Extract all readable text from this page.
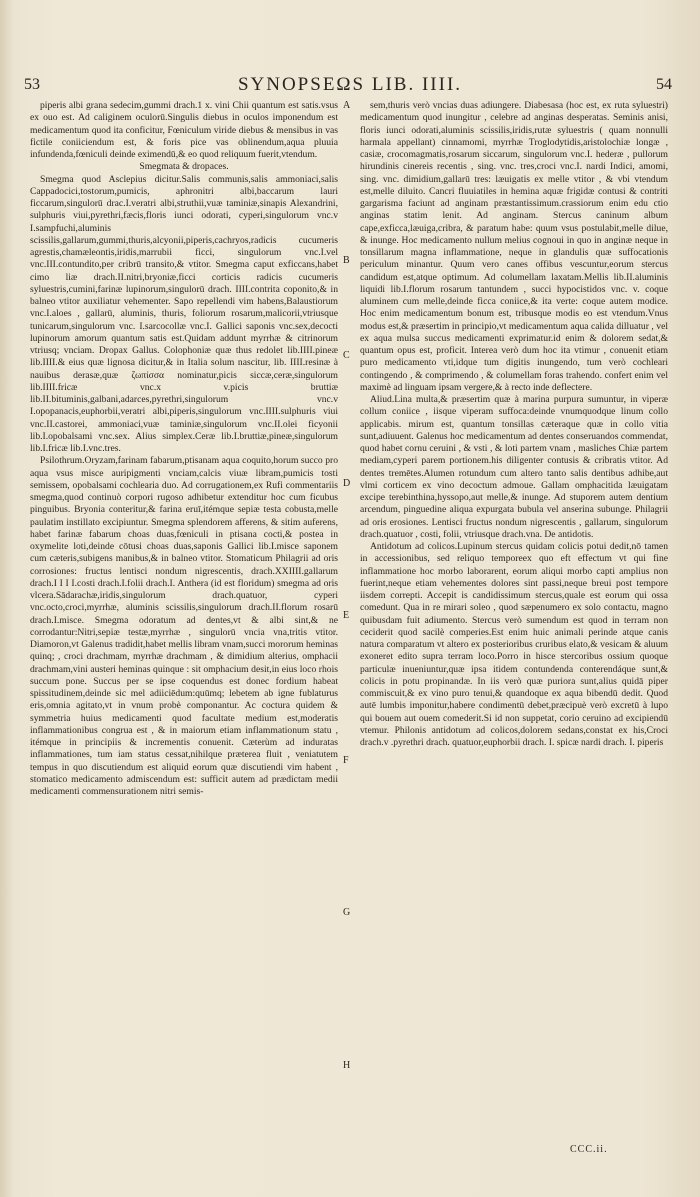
53	SYNOPSEΩS LIB. IIII.	54

piperis albi grana sedecim,gummi drach.1 x. vini Chii quantum est satis.vsus ex ouo est. Ad caliginem oculorū.Singulis diebus in oculos imponendum est medicamentum quod ita conficitur, Fœniculum viride diebus & mensibus in vas fictile coniiciendum est, & foris pice vas oblinendum,aqua pluuia infundenda,fœniculi deinde eximendū,& eo quod reliquum fuerit,vtendum.

Smegmata & dropaces.

Smegma quod Asclepius dicitur.Salis communis,salis ammoniaci,salis Cappadocici,tostorum,pumicis, aphronitri albi,baccarum lauri ficcarum,singulorū drac.I.veratri albi,struthii,vuæ taminiæ,sinapis Alexandrini, sulphuris viui,pyrethri,fæcis,floris iunci odorati, cyperi,singulorum vnc.v I.sampfuchi,aluminis scissilis,gallarum,gummi,thuris,alcyonii,piperis,cachryos,radicis cucumeris agrestis,chamæleontis,iridis,marrubii ficci, singulorum vnc.I.vel vnc.III.contundito,per cribrū transito,& vtitor. Smegma caput exficcans,habet cimo liæ drach.II.nitri,bryoniæ,ficci corticis radicis cucumeris syluestris,cumini,farinæ lupinorum,singulorū drach. IIII.contrita coponito,& in balneo vtitor auxiliatur vehementer. Sapo repellendi vim habens,Balaustiorum vnc.I.aloes , gallarū, aluminis, thuris, foliorum rosarum,malicorii,vtriusque tunicarum,singulorum vnc. I.sarcocollæ vnc.I. Gallici saponis vnc.sex,decocti lupinorum amorum quantum satis est.Quidam addunt myrrhæ & citrinorum vtriusq; vnciam. Dropax Gallus. Colophoniæ quæ thus redolet lib.IIII.pineæ lib.IIII.& eius quæ lignosa dicitur,& in Italia solum nascitur, lib. IIII.resinæ à nauibus derasæ,quæ ζωπίσσα nominatur,picis siccæ,ceræ,singulorum lib.IIII.fricæ vnc.x v.picis bruttiæ lib.II.bituminis,galbani,adarces,pyrethri,singulorum vnc.v I.opopanacis,euphorbii,veratri albi,piperis,singulorum vnc.IIII.sulphuris viui vnc.II.castorei, ammoniaci,vuæ taminiæ,singulorum vnc.II.olei ficyonii lib.I.opobalsami vnc.sex. Alius simplex.Ceræ lib.I.bruttiæ,pineæ,singulorum lib.I.fricæ lib.I.vnc.tres.

Psilothrum.Oryzam,farinam fabarum,ptisanam aqua coquito,horum succo pro aqua vsus misce auripigmenti vnciam,calcis viuæ libram,pumicis tosti semissem, opobalsami cochlearia duo. Ad corrugationem,ex Rufi commentariis smegma,quod continuò corpori rugoso adhibetur extenditur hoc cum ficubus pinguibus. Bryonia conteritur,& farina eruī,itémque sepiæ testa cobusta,melle paulatim instillato excipiuntur. Smegma splendorem afferens, & sitim auferens, habet farinæ fabarum choas duas,fœniculi in ptisana cocti,& postea in oxymelite loti,deinde cōtusi choas duas,saponis Gallici lib.I.misce saponem cum cæteris,subigens manibus,& in balneo vtitor. Stomaticum Philagrii ad oris corrosiones: fructus lentisci nondum nigrescentis, drach.XXIIII.gallarum drach.I I I I.costi drach.I.folii drach.I. Anthera (id est floridum) smegma ad oris vlcera.Sādarachæ,iridis,singulorum drach.quatuor, cyperi vnc.octo,croci,myrrhæ, aluminis scissilis,singulorum drach.II.florum rosarū drach.I.misce. Smegma odoratum ad dentes,vt & albi sint,& ne corrodantur:Nitri,sepiæ testæ,myrrhæ , singulorū vncia vna,tritis vtitor. Diamoron,vt Galenus tradidit,habet mellis libram vnam,succi mororum heminas quinq; , croci drachmam, myrrhæ drachmam , & dimidium alterius, omphacii drachmam,vini austeri heminas quinque : sit omphacium desit,in eius loco rhois succum pone. Succus per se ipse coquendus est donec fordium habeat spissitudinem,deinde sic mel adiiciēdum:quūmq; lebetem ab igne fublaturus eris,omnia agitato,vt in vnum probè componantur. Ac coctura quidem & symmetria huius medicamenti quod facultate medium est,moderatis inflammationibus congrua est , & in maiorum etiam inflammationum statu , itémque in principiis & incrementis conuenit. Cæterùm ad induratas inflammationes, tum iam status cessat,nihilque præterea fluit , veniatutem tempus in quo discutiendum est aliquid eorum quæ discutiendi vim habent , stomatico medicamento admiscendum est: sufficit autem ad prædictam medii medicamenti commensurationem nitri semis-

A
B
C
D
E
F
G
H

sem,thuris verò vncias duas adiungere. Diabesasa (hoc est, ex ruta syluestri) medicamentum quod inungitur , celebre ad anginas desperatas. Seminis anisi, floris iunci odorati,aluminis scissilis,iridis,rutæ syluestris ( quam nonnulli harmala appellant) cinnamomi, myrrhæ Troglodytidis,aristolochiæ longæ , casiæ, crocomagmatis,rosarum siccarum, singulorum vnc.I. hederæ , pullorum hirundinis cinereis recentis , sing. vnc. tres,croci vnc.I. nardi Indici, amomi, sing. vnc. dimidium,gallarū tres: læuigatis ex melle vtitor , & vbi vtendum est,melle diluito. Cancri fluuiatiles in hemina aquæ frigidæ contusi & contriti gargarisma faciunt ad anginam præstantissimum.crassiorum enim edu ctio anginas statim lenit. Ad anginam. Stercus caninum album cape,exficca,læuiga,cribra, & paratum habe: quum vsus postulabit,melle dilue, & inunge. Hoc medicamento nullum melius cognoui in quo in anginæ neque in tonsillarum magna inflammatione, neque in glandulis quæ suffocationis periculum minantur. Quum vero canes offibus vescuntur,eorum stercus candidum est,atque optimum. Ad columellam laxatam.Mellis lib.II.aluminis liquidi lib.I.florum rosarum tantundem , succi hypocistidos vnc. v. coque aluminem cum melle,deinde ficca coniice,& ita verte: coque autem modice. Hoc enim medicamentum bonum est, tribusque modis eo est vtendum.Vnus modus est,& præsertim in principio,vt medicamentum aqua calida dilluatur , vel ex aqua mulsa succus medicamenti exprimatur.id enim & dolorem sedat,& quantum opus est, proficit. Interea verò dum hoc ita vtimur , conuenit etiam puro medicamento vti,idque tum digitis inungendo, tum verò cochleari contingendo , & comprimendo , & columellam foras trahendo. confert enim vel maximè ad linguam ipsam vergere,& à recto inde deflectere.

Aliud.Lina multa,& præsertim quæ à marina purpura sumuntur, in viperæ collum coniice , iisque viperam suffoca:deinde vnumquodque linum collo applicabis. mirum est, quantum tonsillas cæteraque quæ in collo vitia sunt,adiuuent. Galenus hoc medicamentum ad dentes conseruandos commendat, quod habet cornu ceruini , & vsti , & loti partem vnam , masliches Chiæ partem mediam,cyperi parem portionem.his diligenter contusis & cribratis vtitor. Ad dentes tremētes.Alumen rotundum cum altero tanto salis dentibus adhibe,aut vlmi corticem ex vino decoctum admoue. Gallam omphacitida læuigatam excipe terebinthina,hyssopo,aut melle,& inunge. Ad stuporem autem dentium arcendum, pinguedine aliqua expurgata bubula vel anserina subunge. Philagrii ad oris erosiones. Lentisci fructus nondum nigrescentis , gallarum, singulorum drach.quatuor , costi, folii, vtriusque drach.vna. De antidotis.

Antidotum ad colicos.Lupinum stercus quidam colicis potui dedit,nō tamen in accessionibus, sed reliquo temporeex quo eft effectum vt qui fine inflammatione hoc morbo laborarent, eorum aliqui morbo capti amplius non fuerint,neque etiam vehementes dolores sint passi,neque breui post tempore iisdem correpti. Accepit is candidissimum stercus,quale est eorum qui ossa comedunt. Qua in re mirari soleo , quod sæpenumero ex solo contactu, magno quibusdam fuit adiumento. Stercus verò sumendum est quod in terram non ceciderit quod sacilè comperies.Est enim huic animali perinde atque canis natura comparatum vt altero ex posterioribus cruribus elato,& vesicam & aluum exoneret edito supra terram loco.Porro in hisce stercoribus ossium quoque particulæ inueniuntur,quæ ipsa itidem contundenda conterendáque sunt,& colicis in potu propinandæ. In iis verò quæ puriora sunt,alius quidā piper commiscuit,& ex vino puro tenui,& quandoque ex aqua bibendū dedit. Quod autē lumbis imponitur,habere condimentū debet,præcipuè verò excretū à lupo qui bouem aut ouem comederit.Si id non suppetat, corio ceruino ad excipiendū vtemur. Philonis antidotum ad colicos,dolorem sedans,constat ex his,Croci drach.v .pyrethri drach. quatuor,euphorbii drach. I. spicæ nardi drach. I. piperis

CCC.ii.
